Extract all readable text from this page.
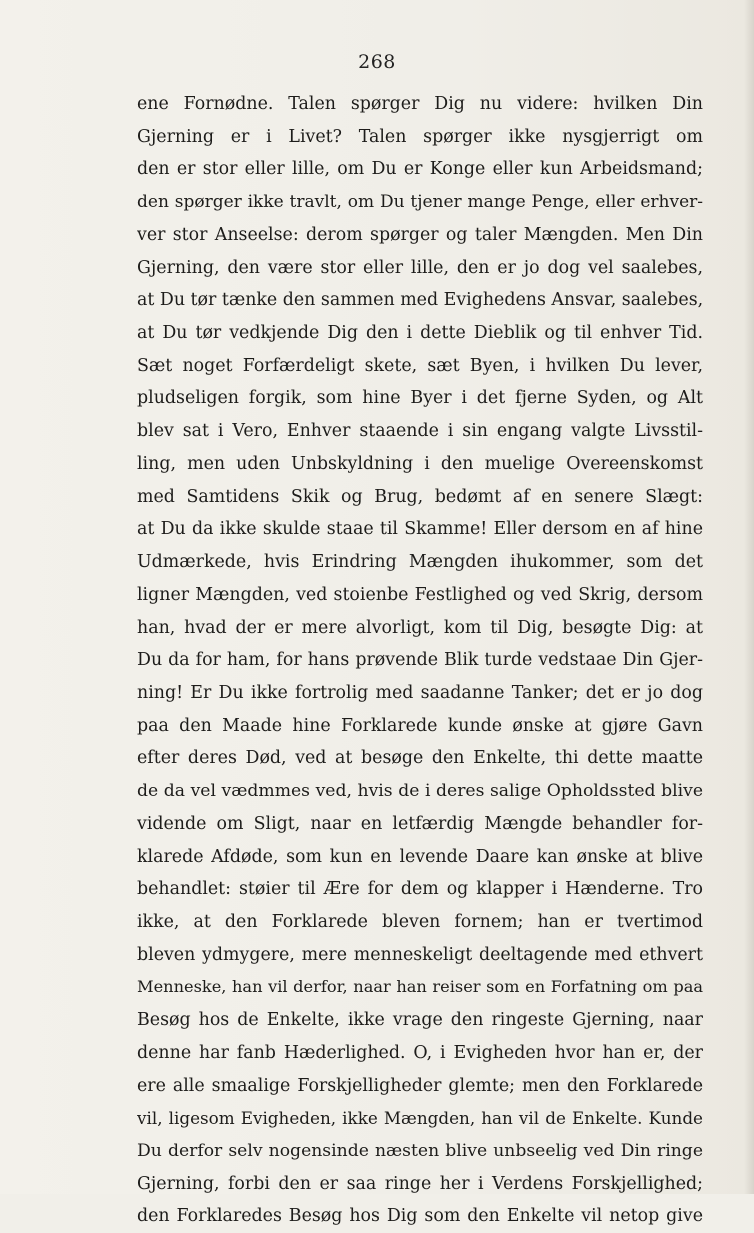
268
ene Fornødne. Talen spørger Dig nu videre: hvilken Din
Gjerning er i Livet? Talen spørger ikke nysgjerrigt om
den er stor eller lille, om Du er Konge eller kun Arbeidsmand;
den spørger ikke travlt, om Du tjener mange Penge, eller erhver-
ver stor Anseelse: derom spørger og taler Mængden. Men Din
Gjerning, den være stor eller lille, den er jo dog vel saalebes,
at Du tør tænke den sammen med Evighedens Ansvar, saalebes,
at Du tør vedkjende Dig den i dette Dieblik og til enhver Tid.
Sæt noget Forfærdeligt skete, sæt Byen, i hvilken Du lever,
pludseligen forgik, som hine Byer i det fjerne Syden, og Alt
blev sat i Vero, Enhver staaende i sin engang valgte Livsstil-
ling, men uden Unbskyldning i den muelige Overeenskomst
med Samtidens Skik og Brug, bedømt af en senere Slægt:
at Du da ikke skulde staae til Skamme! Eller dersom en af hine
Udmærkede, hvis Erindring Mængden ihukommer, som det
ligner Mængden, ved stoienbe Festlighed og ved Skrig, dersom
han, hvad der er mere alvorligt, kom til Dig, besøgte Dig: at
Du da for ham, for hans prøvende Blik turde vedstaae Din Gjer-
ning! Er Du ikke fortrolig med saadanne Tanker; det er jo dog
paa den Maade hine Forklarede kunde ønske at gjøre Gavn
efter deres Død, ved at besøge den Enkelte, thi dette maatte
de da vel vædmmes ved, hvis de i deres salige Opholdssted blive
vidende om Sligt, naar en letfærdig Mængde behandler for-
klarede Afdøde, som kun en levende Daare kan ønske at blive
behandlet: støier til Ære for dem og klapper i Hænderne. Tro
ikke, at den Forklarede bleven fornem; han er tvertimod
bleven ydmygere, mere menneskeligt deeltagende med ethvert
Menneske, han vil derfor, naar han reiser som en Forfatning om paa
Besøg hos de Enkelte, ikke vrage den ringeste Gjerning, naar
denne har fanb Hæderlighed. O, i Evigheden hvor han er, der
ere alle smaalige Forskjelligheder glemte; men den Forklarede
vil, ligesom Evigheden, ikke Mængden, han vil de Enkelte. Kunde
Du derfor selv nogensinde næsten blive unbseelig ved Din ringe
Gjerning, forbi den er saa ringe her i Verdens Forskjellighed;
den Forklaredes Besøg hos Dig som den Enkelte vil netop give
